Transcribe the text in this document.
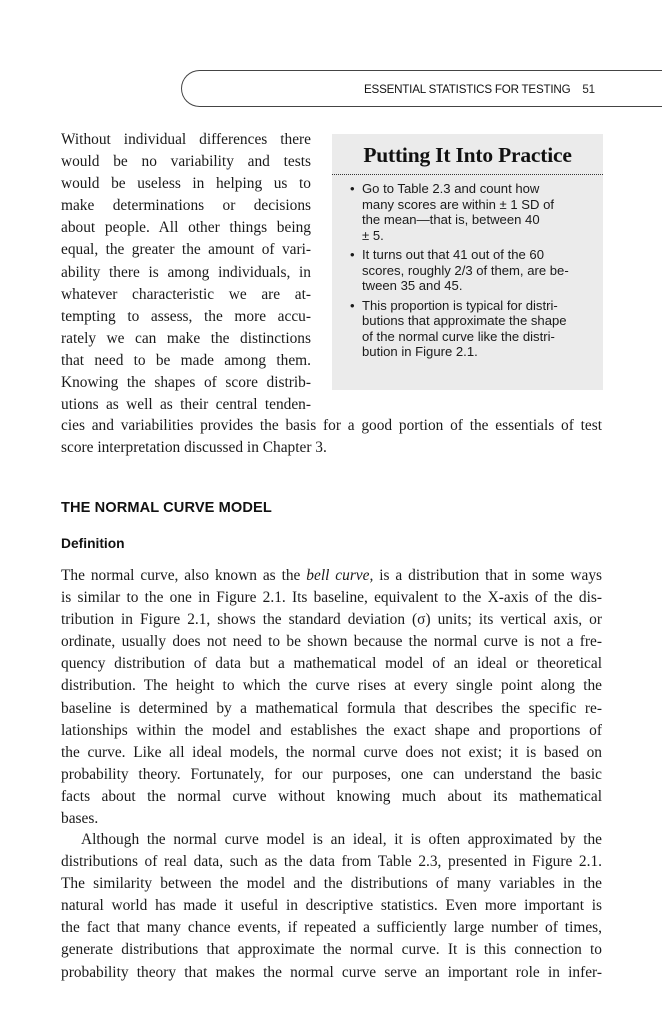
ESSENTIAL STATISTICS FOR TESTING 51
Without individual differences there
would be no variability and tests
would be useless in helping us to
make determinations or decisions
about people. All other things being
equal, the greater the amount of vari-
ability there is among individuals, in
whatever characteristic we are at-
tempting to assess, the more accu-
rately we can make the distinctions
that need to be made among them.
Knowing the shapes of score distrib-
utions as well as their central tenden-
cies and variabilities provides the basis for a good portion of the essentials of test
score interpretation discussed in Chapter 3.
Putting It Into Practice
• Go to Table 2.3 and count how
many scores are within ± 1 SD of
the mean—that is, between 40
± 5.
• It turns out that 41 out of the 60
scores, roughly 2/3 of them, are be-
tween 35 and 45.
• This proportion is typical for distri-
butions that approximate the shape
of the normal curve like the distri-
bution in Figure 2.1.
THE NORMAL CURVE MODEL
Definition
The normal curve, also known as the bell curve, is a distribution that in some ways
is similar to the one in Figure 2.1. Its baseline, equivalent to the X-axis of the dis-
tribution in Figure 2.1, shows the standard deviation (σ) units; its vertical axis, or
ordinate, usually does not need to be shown because the normal curve is not a fre-
quency distribution of data but a mathematical model of an ideal or theoretical
distribution. The height to which the curve rises at every single point along the
baseline is determined by a mathematical formula that describes the specific re-
lationships within the model and establishes the exact shape and proportions of
the curve. Like all ideal models, the normal curve does not exist; it is based on
probability theory. Fortunately, for our purposes, one can understand the basic
facts about the normal curve without knowing much about its mathematical
bases.
Although the normal curve model is an ideal, it is often approximated by the
distributions of real data, such as the data from Table 2.3, presented in Figure 2.1.
The similarity between the model and the distributions of many variables in the
natural world has made it useful in descriptive statistics. Even more important is
the fact that many chance events, if repeated a sufficiently large number of times,
generate distributions that approximate the normal curve. It is this connection to
probability theory that makes the normal curve serve an important role in infer-
